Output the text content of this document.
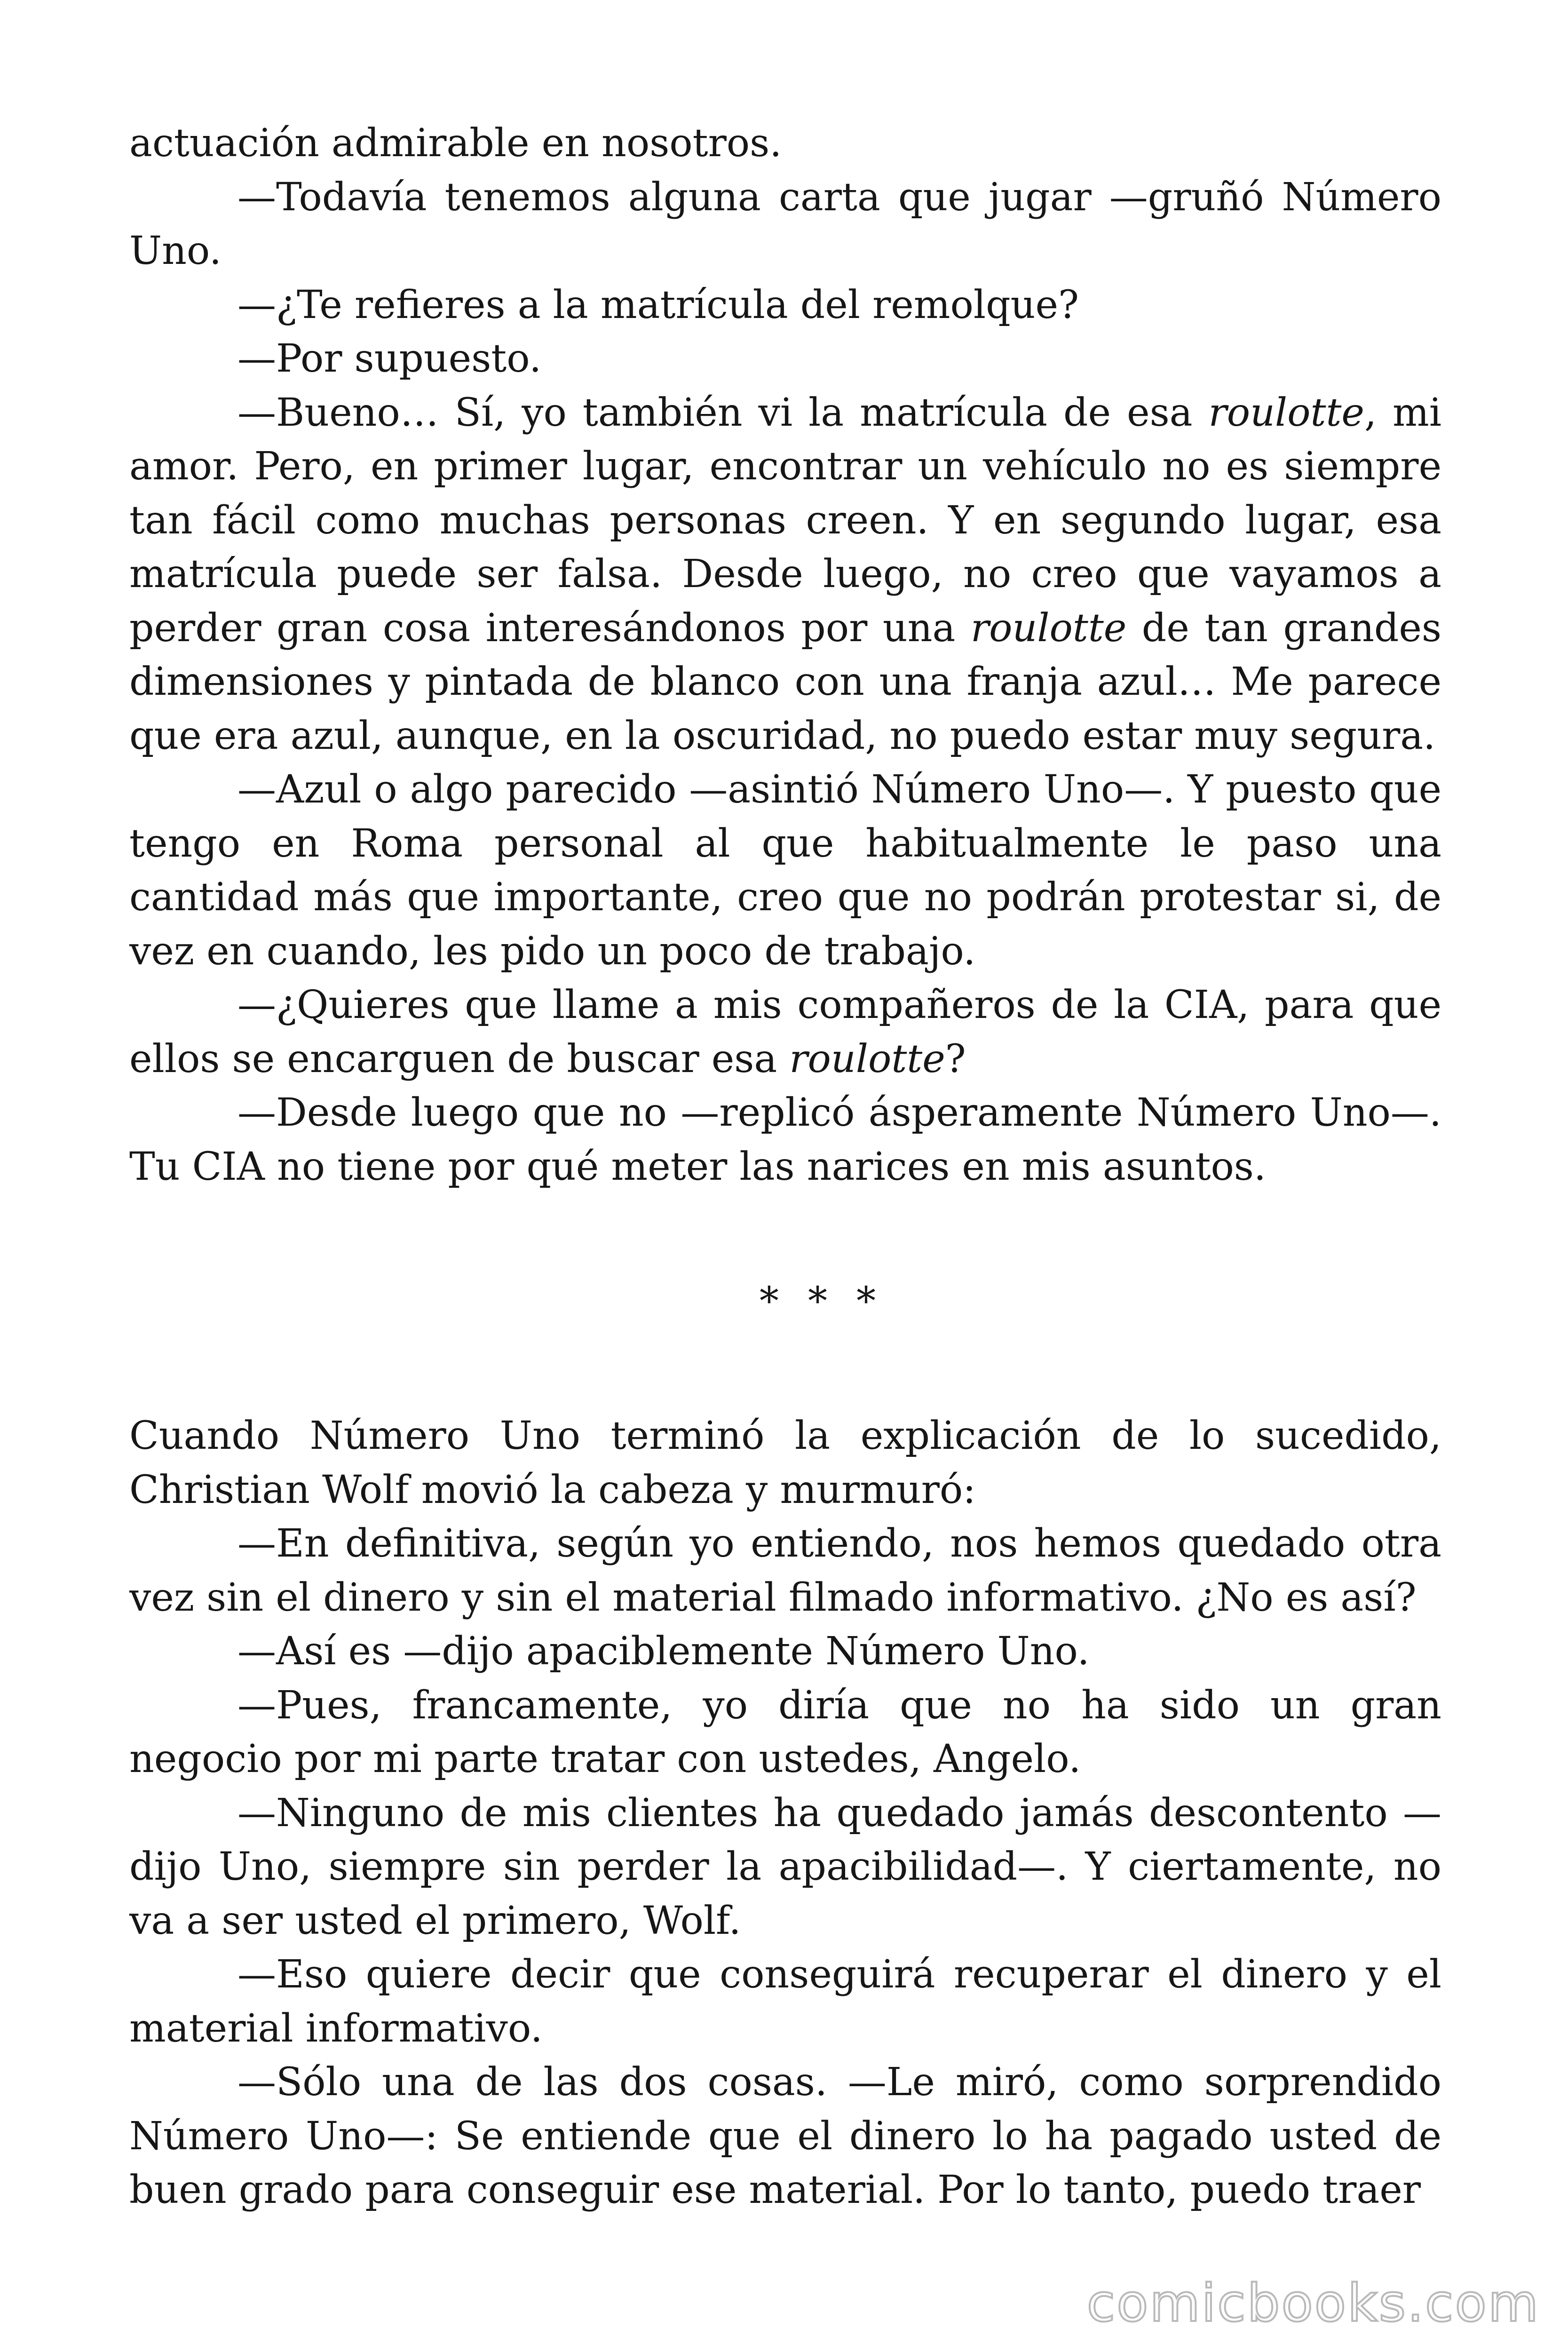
actuación admirable en nosotros.

—Todavía tenemos alguna carta que jugar —gruñó Número Uno.

—¿Te refieres a la matrícula del remolque?

—Por supuesto.

—Bueno… Sí, yo también vi la matrícula de esa roulotte, mi amor. Pero, en primer lugar, encontrar un vehículo no es siempre tan fácil como muchas personas creen. Y en segundo lugar, esa matrícula puede ser falsa. Desde luego, no creo que vayamos a perder gran cosa interesándonos por una roulotte de tan grandes dimensiones y pintada de blanco con una franja azul… Me parece que era azul, aunque, en la oscuridad, no puedo estar muy segura.

—Azul o algo parecido —asintió Número Uno—. Y puesto que tengo en Roma personal al que habitualmente le paso una cantidad más que importante, creo que no podrán protestar si, de vez en cuando, les pido un poco de trabajo.

—¿Quieres que llame a mis compañeros de la CIA, para que ellos se encarguen de buscar esa roulotte?

—Desde luego que no —replicó ásperamente Número Uno—. Tu CIA no tiene por qué meter las narices en mis asuntos.

* * *

Cuando Número Uno terminó la explicación de lo sucedido, Christian Wolf movió la cabeza y murmuró:

—En definitiva, según yo entiendo, nos hemos quedado otra vez sin el dinero y sin el material filmado informativo. ¿No es así?

—Así es —dijo apaciblemente Número Uno.

—Pues, francamente, yo diría que no ha sido un gran negocio por mi parte tratar con ustedes, Angelo.

—Ninguno de mis clientes ha quedado jamás descontento —dijo Uno, siempre sin perder la apacibilidad—. Y ciertamente, no va a ser usted el primero, Wolf.

—Eso quiere decir que conseguirá recuperar el dinero y el material informativo.

—Sólo una de las dos cosas. —Le miró, como sorprendido Número Uno—: Se entiende que el dinero lo ha pagado usted de buen grado para conseguir ese material. Por lo tanto, puedo traer

comicbooks.com
